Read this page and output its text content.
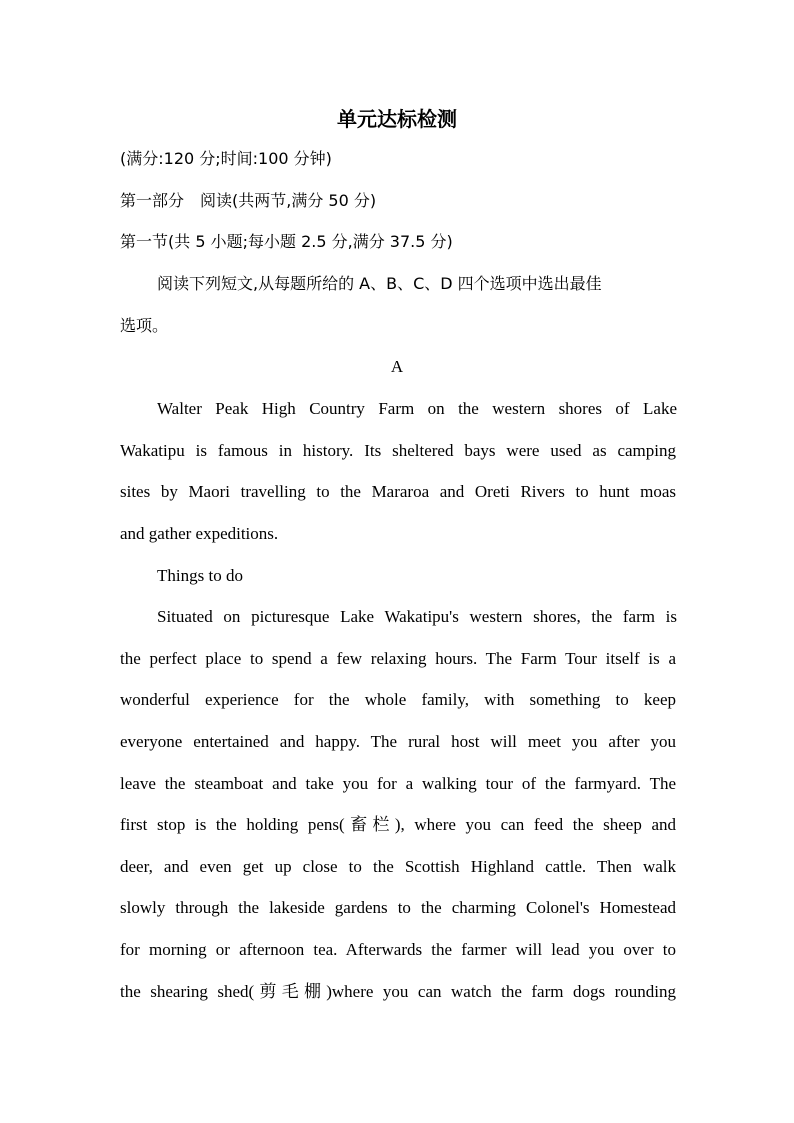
单元达标检测
(满分:120 分;时间:100 分钟)
第一部分　阅读(共两节,满分 50 分)
第一节(共 5 小题;每小题 2.5 分,满分 37.5 分)
阅读下列短文,从每题所给的 A、B、C、D 四个选项中选出最佳
选项。
A
Walter Peak High Country Farm on the western shores of Lake
Wakatipu is famous in history. Its sheltered bays were used as camping
sites by Maori travelling to the Mararoa and Oreti Rivers to hunt moas
and gather expeditions.
Things to do
Situated on picturesque Lake Wakatipu's western shores, the farm is
the perfect place to spend a few relaxing hours. The Farm Tour itself is a
wonderful experience for the whole family, with something to keep
everyone entertained and happy. The rural host will meet you after you
leave the steamboat and take you for a walking tour of the farmyard. The
first stop is the holding pens(畜栏), where you can feed the sheep and
deer, and even get up close to the Scottish Highland cattle. Then walk
slowly through the lakeside gardens to the charming Colonel's Homestead
for morning or afternoon tea. Afterwards the farmer will lead you over to
the shearing shed(剪毛棚)where you can watch the farm dogs rounding
